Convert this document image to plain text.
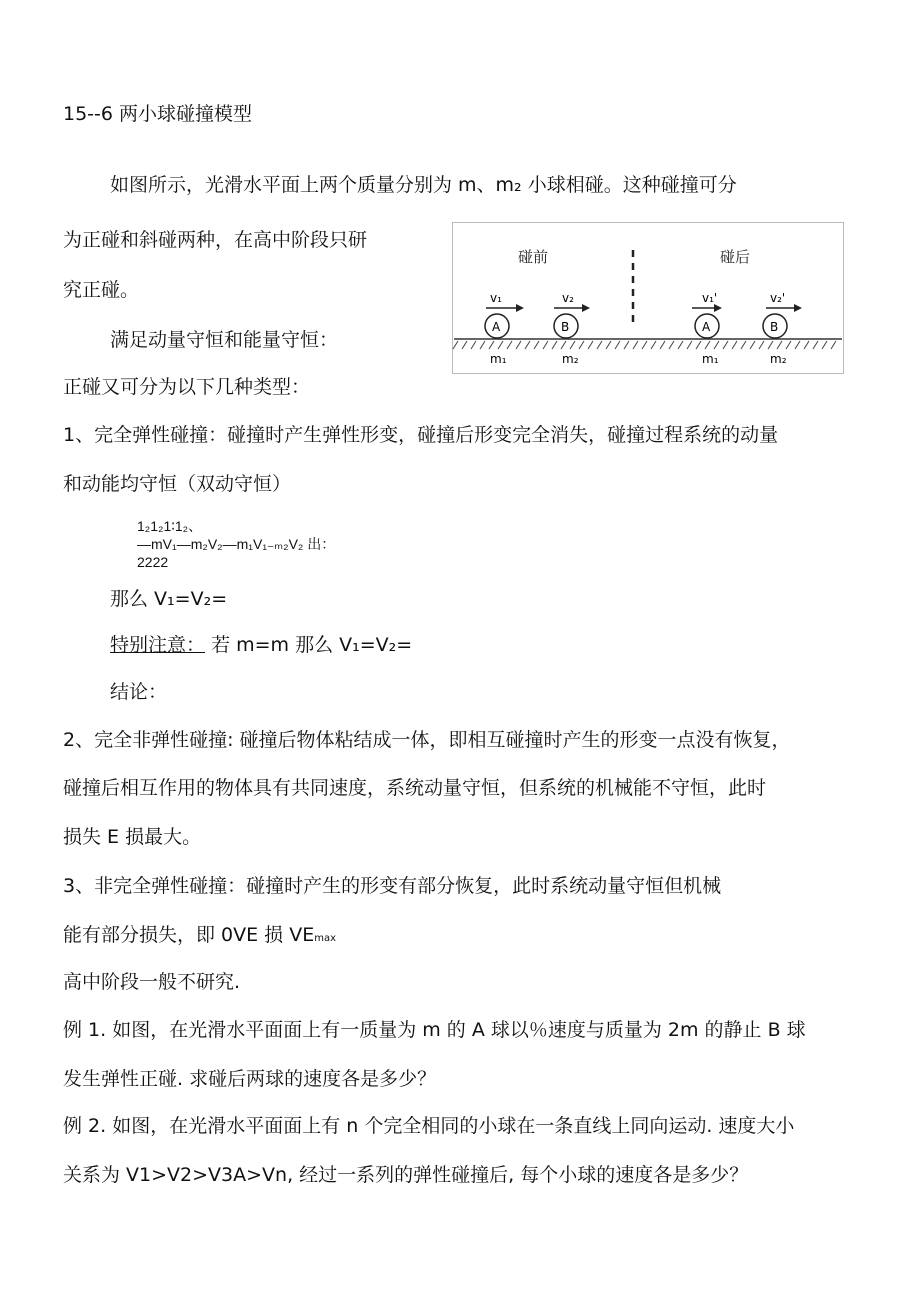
15--6 两小球碰撞模型
如图所示，光滑水平面上两个质量分别为 m、m₂ 小球相碰。这种碰撞可分
为正碰和斜碰两种，在高中阶段只研
究正碰。
满足动量守恒和能量守恒：
正碰又可分为以下几种类型：
碰前	碰后
v₁
A
m₁
v₂
B
m₂
v₁'
A
m₁
v₂'
B
m₂
1、完全弹性碰撞：碰撞时产生弹性形变，碰撞后形变完全消失，碰撞过程系统的动量
和动能均守恒（双动守恒）
1₂1₂1∶1₂、
—mV₁—m₂V₂—m₁V₁₋ₘ₂V₂ 出：
2222
那么 V₁=V₂=
特别注意： 若 m=m 那么 V₁=V₂=
结论：
2、完全非弹性碰撞: 碰撞后物体粘结成一体，即相互碰撞时产生的形变一点没有恢复，
碰撞后相互作用的物体具有共同速度，系统动量守恒，但系统的机械能不守恒，此时
损失 E 损最大。
3、非完全弹性碰撞：碰撞时产生的形变有部分恢复，此时系统动量守恒但机械
能有部分损失，即 0VE 损 VEmax
高中阶段一般不研究.
例 1. 如图，在光滑水平面面上有一质量为 m 的 A 球以％速度与质量为 2m 的静止 B 球
发生弹性正碰. 求碰后两球的速度各是多少？
例 2. 如图，在光滑水平面面上有 n 个完全相同的小球在一条直线上同向运动. 速度大小
关系为 V1>V2>V3A>Vn, 经过一系列的弹性碰撞后, 每个小球的速度各是多少？
